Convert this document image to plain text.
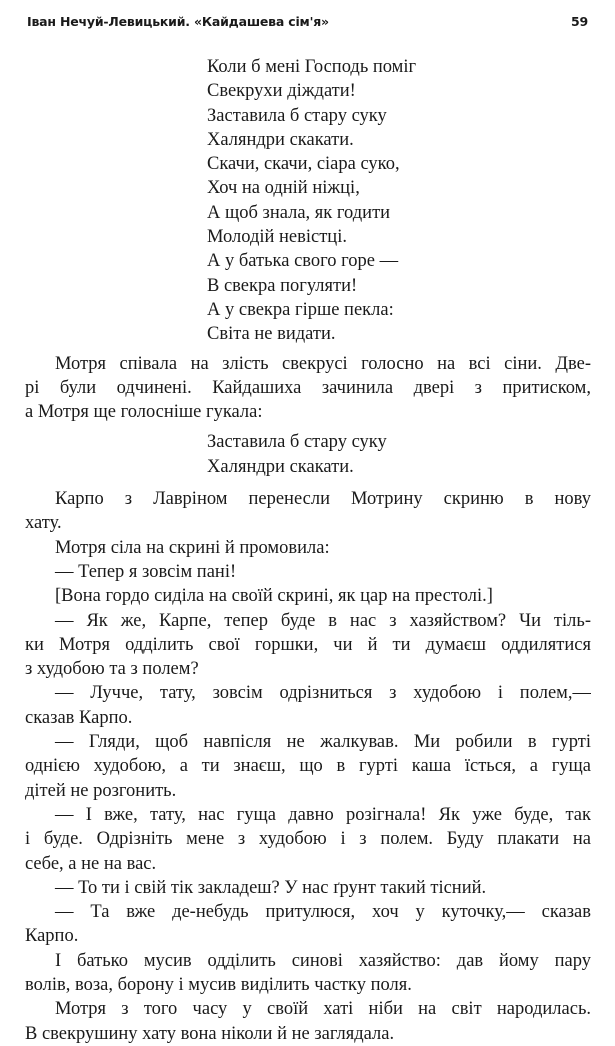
Іван Нечуй-Левицький. «Кайдашева сім'я»	59
Коли б мені Господь поміг
Свекрухи діждати!
Заставила б стару суку
Халяндри скакати.
Скачи, скачи, сіара суко,
Хоч на одній ніжці,
А щоб знала, як годити
Молодій невістці.
А у батька свого горе —
В свекра погуляти!
А у свекра гірше пекла:
Світа не видати.
Мотря співала на злість свекрусі голосно на всі сіни. Две-
рі були одчинені. Кайдашиха зачинила двері з притиском,
а Мотря ще голосніше гукала:
Заставила б стару суку
Халяндри скакати.
Карпо з Лавріном перенесли Мотрину скриню в нову
хату.
Мотря сіла на скрині й промовила:
— Тепер я зовсім пані!
[Вона гордо сиділа на своїй скрині, як цар на престолі.]
— Як же, Карпе, тепер буде в нас з хазяйством? Чи тіль-
ки Мотря одділить свої горшки, чи й ти думаєш оддилятися
з худобою та з полем?
— Лучче, тату, зовсім одрізниться з худобою і полем,—
сказав Карпо.
— Гляди, щоб навпісля не жалкував. Ми робили в гурті
однією худобою, а ти знаєш, що в гурті каша їсться, а гуща
дітей не розгонить.
— І вже, тату, нас гуща давно розігнала! Як уже буде, так
і буде. Одрізніть мене з худобою і з полем. Буду плакати на
себе, а не на вас.
— То ти і свій тік закладеш? У нас ґрунт такий тісний.
— Та вже де-небудь притулюся, хоч у куточку,— сказав
Карпо.
І батько мусив оддiлить синові хазяйство: дав йому пару
волів, воза, борону і мусив виділить частку поля.
Мотря з того часу у своїй хаті ніби на світ народилась.
В свекрушину хату вона ніколи й не заглядала.
